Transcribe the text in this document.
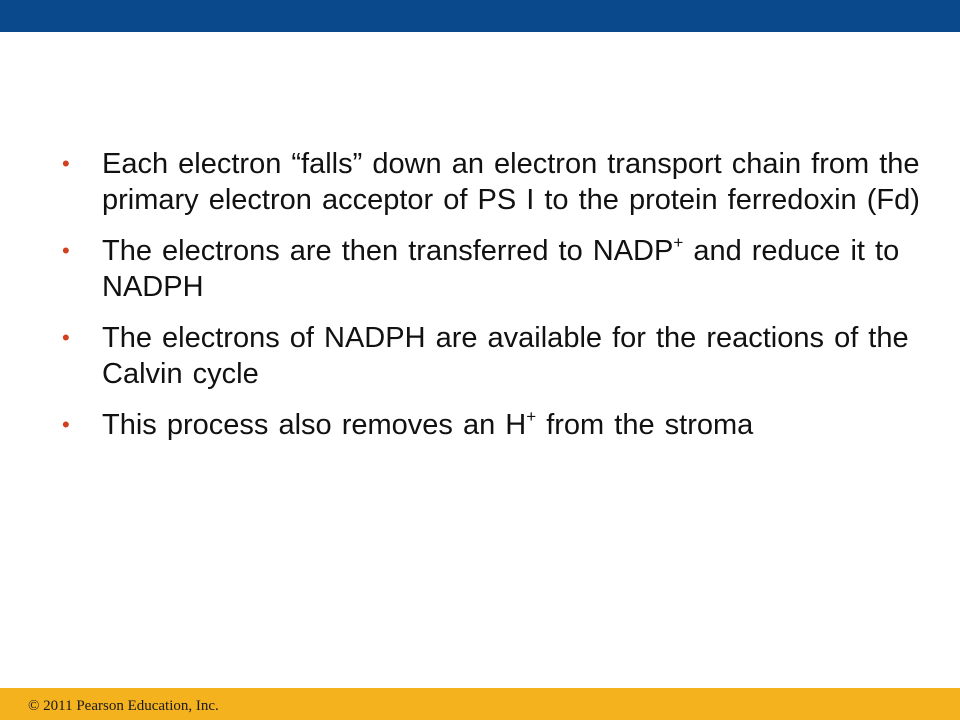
•	Each electron “falls” down an electron transport chain from the primary electron acceptor of PS I to the protein ferredoxin (Fd)
•	The electrons are then transferred to NADP+ and reduce it to NADPH
•	The electrons of NADPH are available for the reactions of the Calvin cycle
•	This process also removes an H+ from the stroma
© 2011 Pearson Education, Inc.
